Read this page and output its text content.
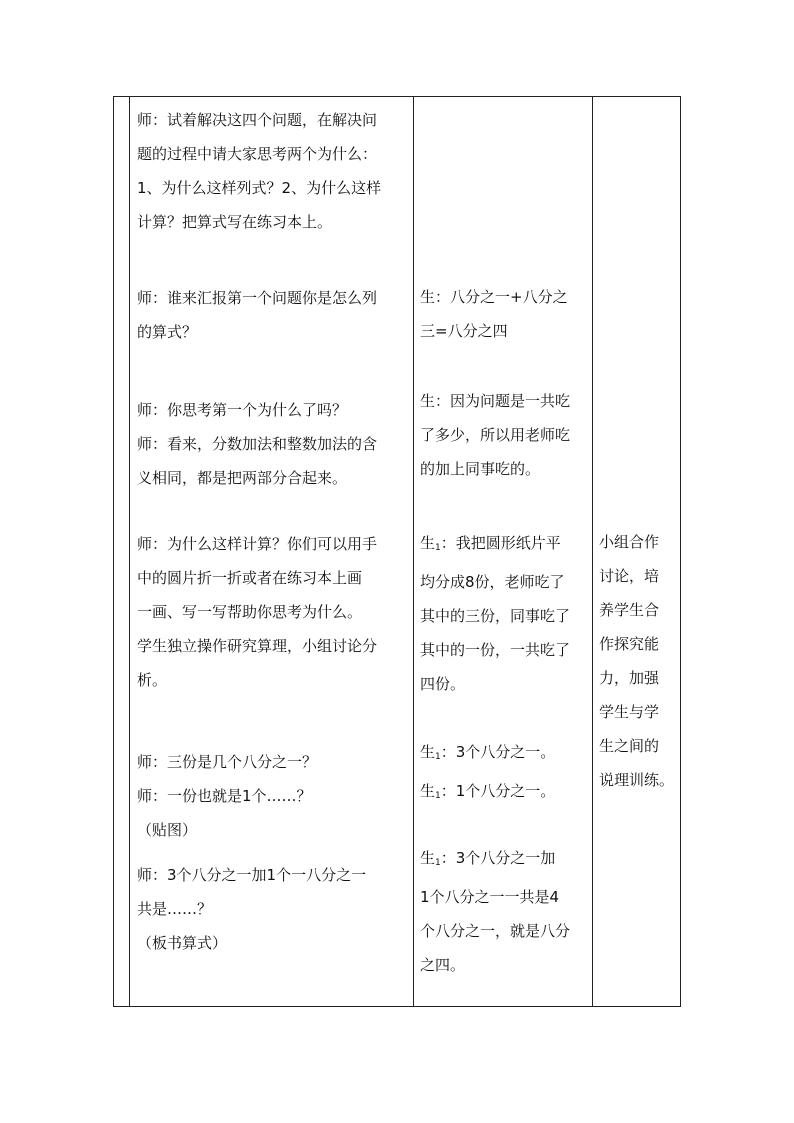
师：试着解决这四个问题，在解决问
题的过程中请大家思考两个为什么：
1、为什么这样列式？2、为什么这样
计算？把算式写在练习本上。
师：谁来汇报第一个问题你是怎么列
的算式？
师：你思考第一个为什么了吗？
师：看来，分数加法和整数加法的含
义相同，都是把两部分合起来。
师：为什么这样计算？你们可以用手
中的圆片折一折或者在练习本上画
一画、写一写帮助你思考为什么。
学生独立操作研究算理，小组讨论分
析。
师：三份是几个八分之一？
师：一份也就是1个……？
（贴图）
师：3个八分之一加1个一八分之一
共是……？
（板书算式）
生：八分之一+八分之
三=八分之四
生：因为问题是一共吃
了多少，所以用老师吃
的加上同事吃的。
生$_1$：我把圆形纸片平
均分成8份，老师吃了
其中的三份，同事吃了
其中的一份，一共吃了
四份。
生$_1$：3个八分之一。
生$_1$：1个八分之一。
生$_1$：3个八分之一加
1个八分之一一共是4
个八分之一，就是八分
之四。
小组合作
讨论，培
养学生合
作探究能
力，加强
学生与学
生之间的
说理训练。
